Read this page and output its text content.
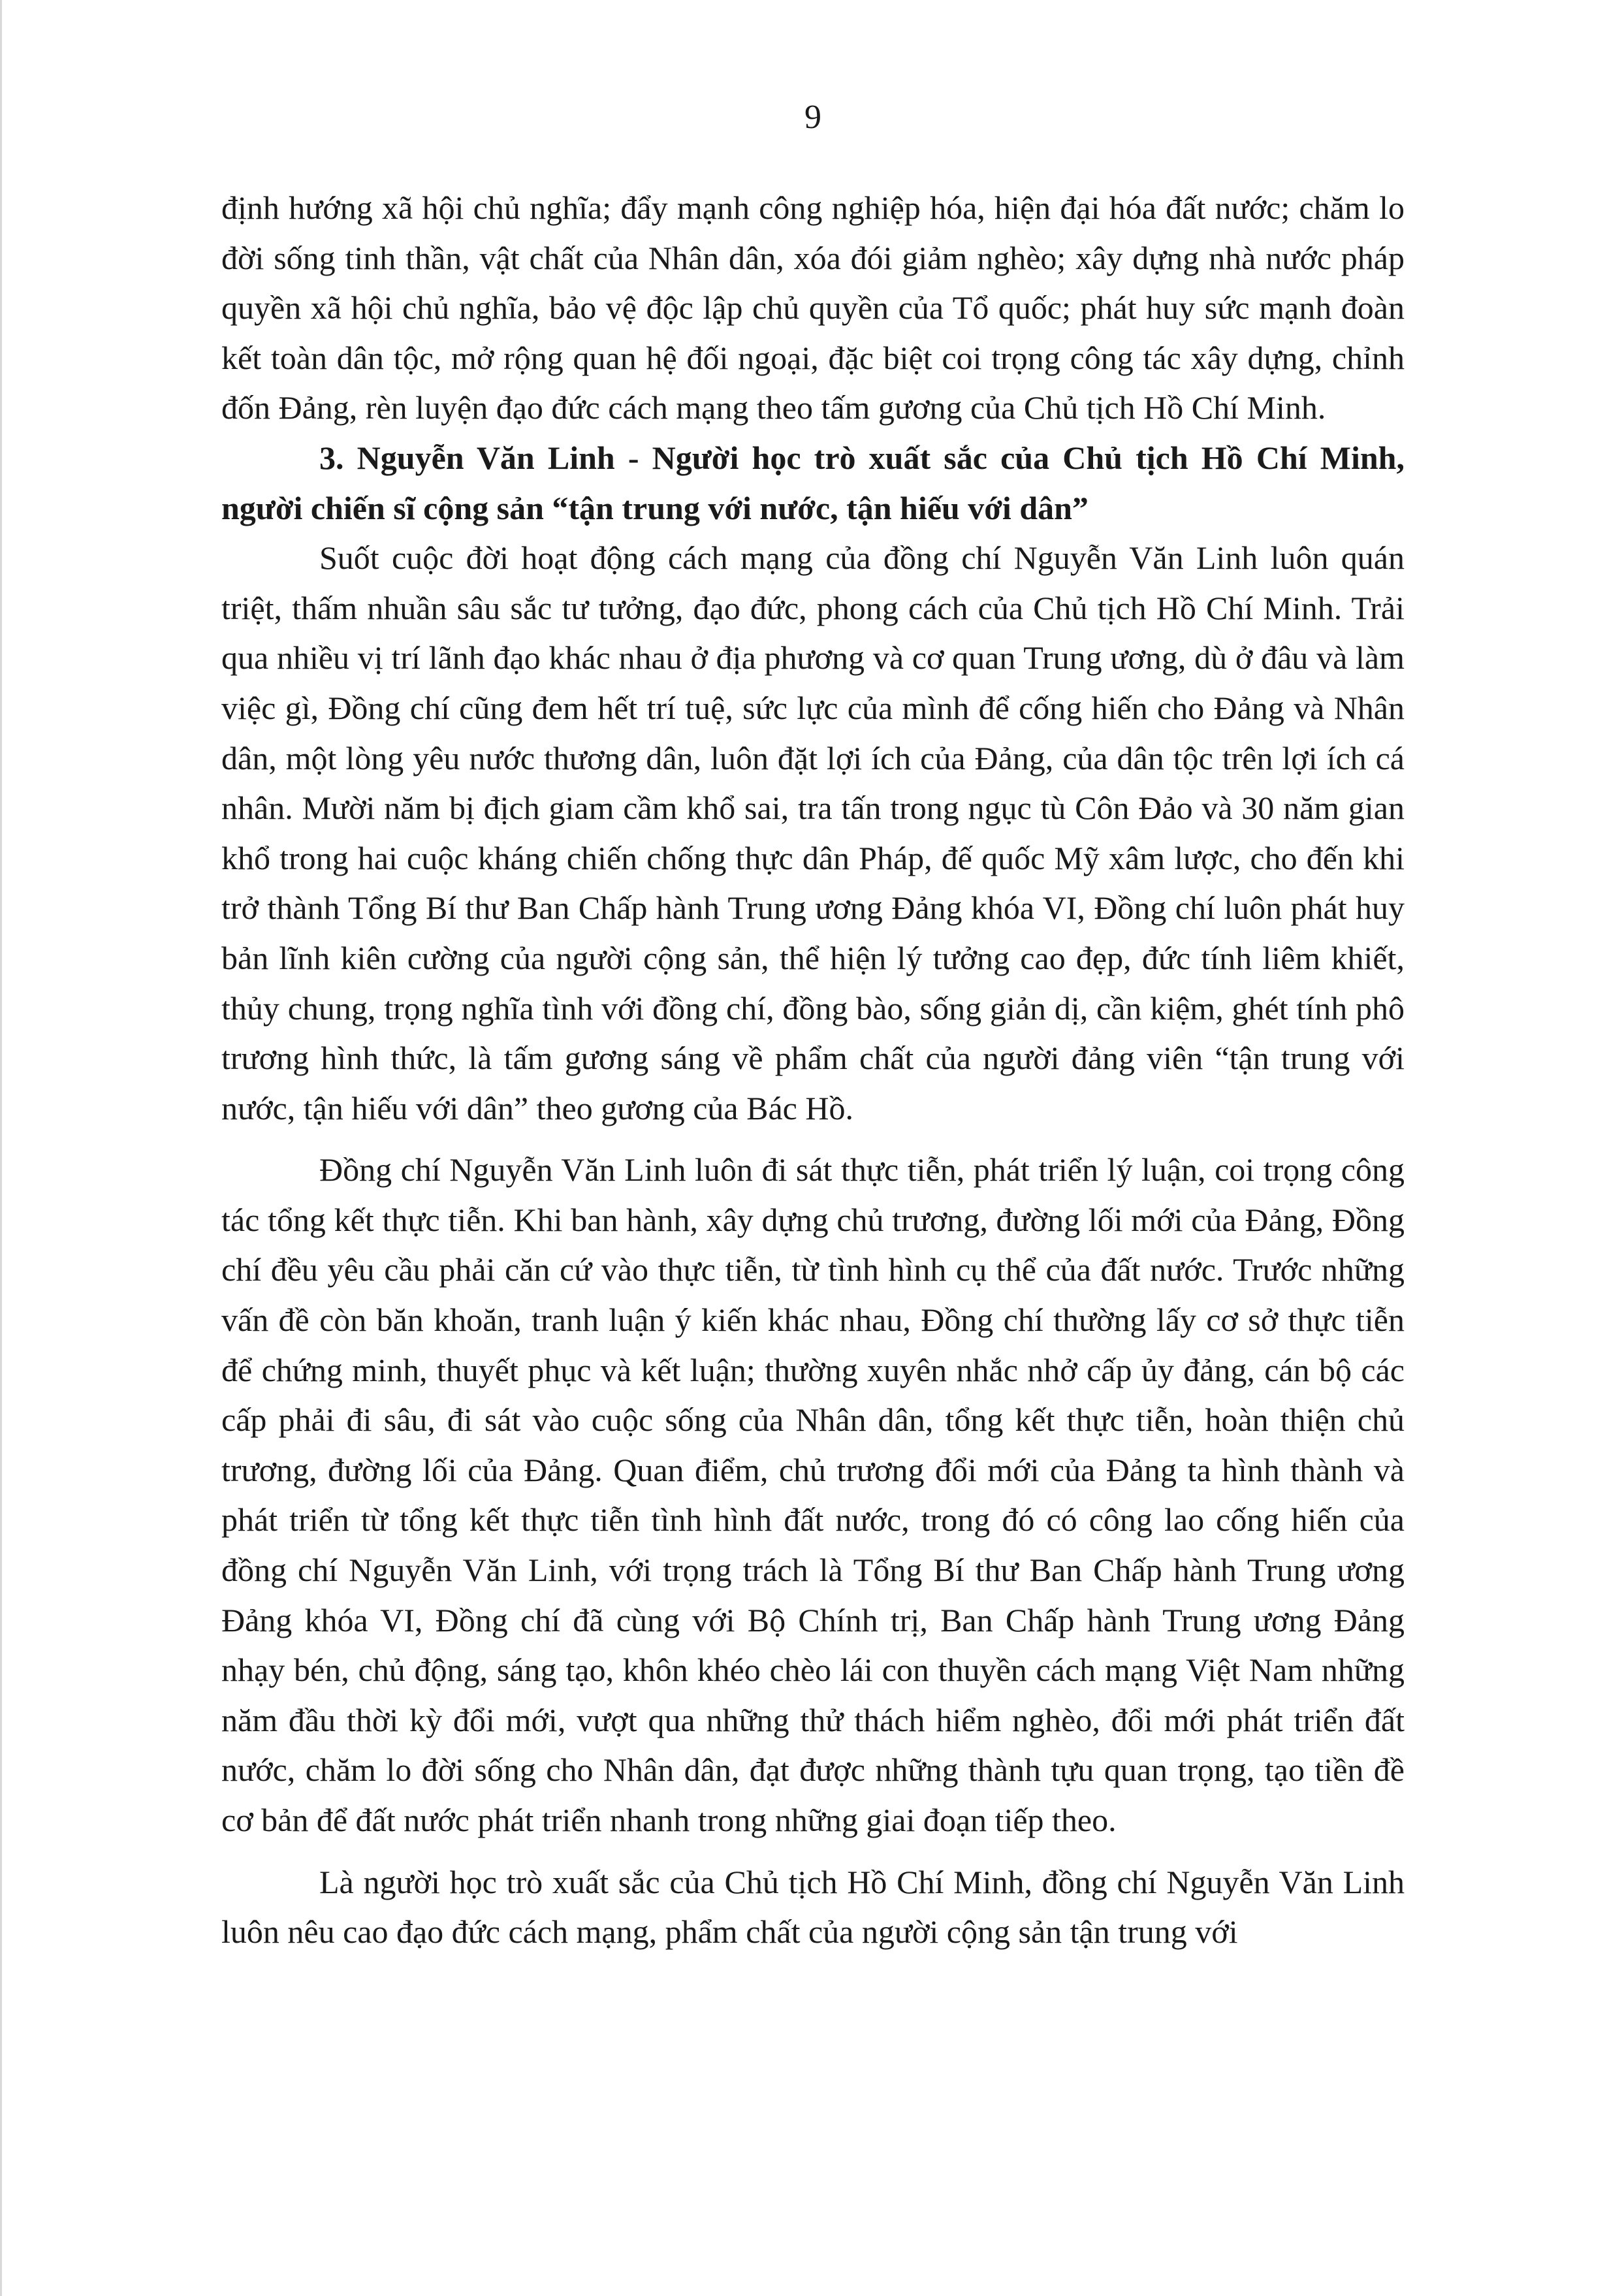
9

định hướng xã hội chủ nghĩa; đẩy mạnh công nghiệp hóa, hiện đại hóa đất nước; chăm lo đời sống tinh thần, vật chất của Nhân dân, xóa đói giảm nghèo; xây dựng nhà nước pháp quyền xã hội chủ nghĩa, bảo vệ độc lập chủ quyền của Tổ quốc; phát huy sức mạnh đoàn kết toàn dân tộc, mở rộng quan hệ đối ngoại, đặc biệt coi trọng công tác xây dựng, chỉnh đốn Đảng, rèn luyện đạo đức cách mạng theo tấm gương của Chủ tịch Hồ Chí Minh.

3. Nguyễn Văn Linh - Người học trò xuất sắc của Chủ tịch Hồ Chí Minh, người chiến sĩ cộng sản “tận trung với nước, tận hiếu với dân”

Suốt cuộc đời hoạt động cách mạng của đồng chí Nguyễn Văn Linh luôn quán triệt, thấm nhuần sâu sắc tư tưởng, đạo đức, phong cách của Chủ tịch Hồ Chí Minh. Trải qua nhiều vị trí lãnh đạo khác nhau ở địa phương và cơ quan Trung ương, dù ở đâu và làm việc gì, Đồng chí cũng đem hết trí tuệ, sức lực của mình để cống hiến cho Đảng và Nhân dân, một lòng yêu nước thương dân, luôn đặt lợi ích của Đảng, của dân tộc trên lợi ích cá nhân. Mười năm bị địch giam cầm khổ sai, tra tấn trong ngục tù Côn Đảo và 30 năm gian khổ trong hai cuộc kháng chiến chống thực dân Pháp, đế quốc Mỹ xâm lược, cho đến khi trở thành Tổng Bí thư Ban Chấp hành Trung ương Đảng khóa VI, Đồng chí luôn phát huy bản lĩnh kiên cường của người cộng sản, thể hiện lý tưởng cao đẹp, đức tính liêm khiết, thủy chung, trọng nghĩa tình với đồng chí, đồng bào, sống giản dị, cần kiệm, ghét tính phô trương hình thức, là tấm gương sáng về phẩm chất của người đảng viên “tận trung với nước, tận hiếu với dân” theo gương của Bác Hồ.

Đồng chí Nguyễn Văn Linh luôn đi sát thực tiễn, phát triển lý luận, coi trọng công tác tổng kết thực tiễn. Khi ban hành, xây dựng chủ trương, đường lối mới của Đảng, Đồng chí đều yêu cầu phải căn cứ vào thực tiễn, từ tình hình cụ thể của đất nước. Trước những vấn đề còn băn khoăn, tranh luận ý kiến khác nhau, Đồng chí thường lấy cơ sở thực tiễn để chứng minh, thuyết phục và kết luận; thường xuyên nhắc nhở cấp ủy đảng, cán bộ các cấp phải đi sâu, đi sát vào cuộc sống của Nhân dân, tổng kết thực tiễn, hoàn thiện chủ trương, đường lối của Đảng. Quan điểm, chủ trương đổi mới của Đảng ta hình thành và phát triển từ tổng kết thực tiễn tình hình đất nước, trong đó có công lao cống hiến của đồng chí Nguyễn Văn Linh, với trọng trách là Tổng Bí thư Ban Chấp hành Trung ương Đảng khóa VI, Đồng chí đã cùng với Bộ Chính trị, Ban Chấp hành Trung ương Đảng nhạy bén, chủ động, sáng tạo, khôn khéo chèo lái con thuyền cách mạng Việt Nam những năm đầu thời kỳ đổi mới, vượt qua những thử thách hiểm nghèo, đổi mới phát triển đất nước, chăm lo đời sống cho Nhân dân, đạt được những thành tựu quan trọng, tạo tiền đề cơ bản để đất nước phát triển nhanh trong những giai đoạn tiếp theo.

Là người học trò xuất sắc của Chủ tịch Hồ Chí Minh, đồng chí Nguyễn Văn Linh luôn nêu cao đạo đức cách mạng, phẩm chất của người cộng sản tận trung với
